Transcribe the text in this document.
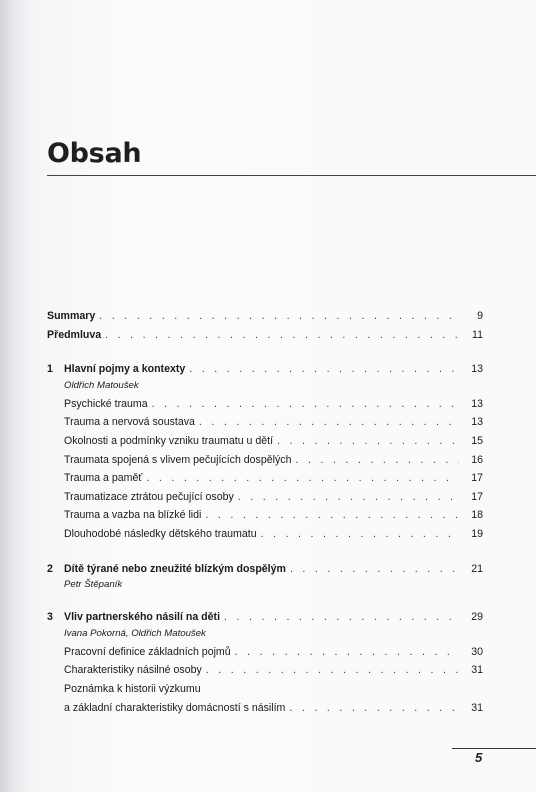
Obsah
Summary . . .	9
Předmluva . . .	11
1	Hlavní pojmy a kontexty . . .	13
Oldřich Matoušek
Psychické trauma . . .	13
Trauma a nervová soustava . . .	13
Okolnosti a podmínky vzniku traumatu u dětí . . .	15
Traumata spojená s vlivem pečujících dospělých . . .	16
Trauma a paměť . . .	17
Traumatizace ztrátou pečující osoby . . .	17
Trauma a vazba na blízké lidi . . .	18
Dlouhodobé následky dětského traumatu . . .	19
2	Dítě týrané nebo zneužité blízkým dospělým . . .	21
Petr Štěpaník
3	Vliv partnerského násilí na děti . . .	29
Ivana Pokorná, Oldřich Matoušek
Pracovní definice základních pojmů . . .	30
Charakteristiky násilné osoby . . .	31
Poznámka k historii výzkumu
a základní charakteristiky domácností s násilím . . .	31
5
